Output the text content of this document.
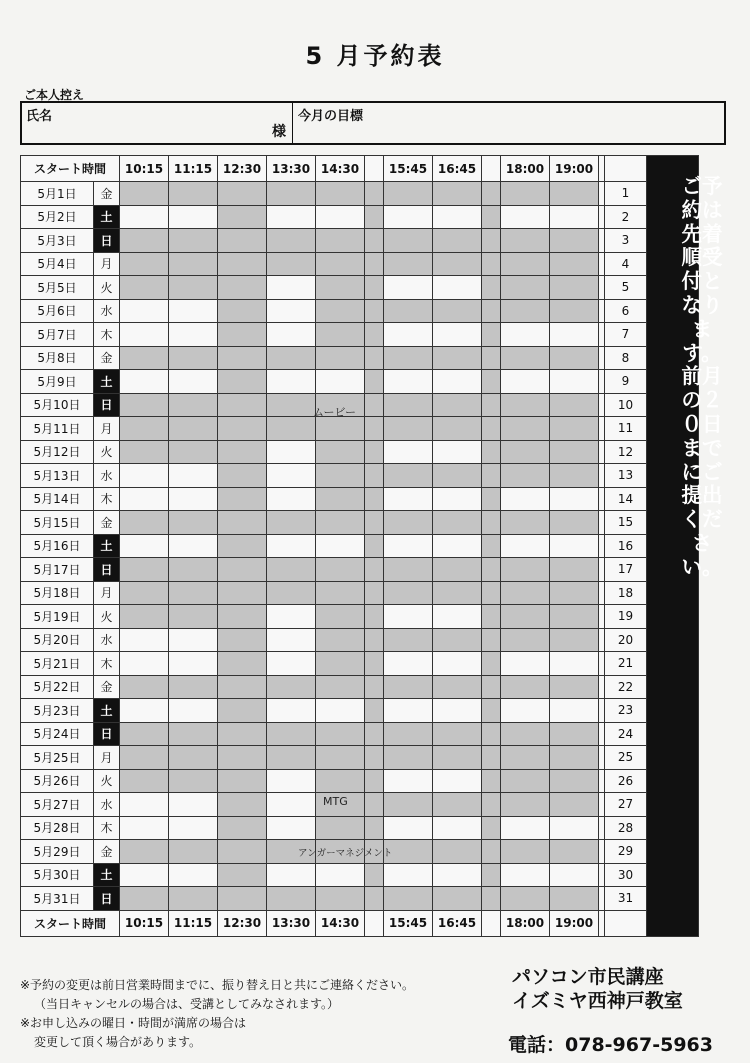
5 月予約表
ご本人控え
氏名
様
今月の目標
スタート時間		10:15	11:15	12:30	13:30	14:30		15:45	16:45		18:00	19:00			
5月1日	金													1	
5月2日	土													2	
5月3日	日													3	
5月4日	月													4	
5月5日	火													5	
5月6日	水													6	
5月7日	木													7	
5月8日	金													8	
5月9日	土													9	
5月10日	日													10	
5月11日	月													11	
5月12日	火													12	
5月13日	水													13	
5月14日	木													14	
5月15日	金													15	
5月16日	土													16	
5月17日	日													17	
5月18日	月													18	
5月19日	火													19	
5月20日	水													20	
5月21日	木													21	
5月22日	金													22	
5月23日	土													23	
5月24日	日													24	
5月25日	月													25	
5月26日	火													26	
5月27日	水													27	
5月28日	木													28	
5月29日	金													29	
5月30日	土													30	
5月31日	日													31	
スタート時間		10:15	11:15	12:30	13:30	14:30		15:45	16:45		18:00	19:00			
ご予約は先着順受付となります。前月の２０日までにご提出ください。
ムービー
MTG
アンガーマネジメント
※予約の変更は前日営業時間までに、振り替え日と共にご連絡ください。
（当日キャンセルの場合は、受講としてみなされます。）
※お申し込みの曜日・時間が満席の場合は
変更して頂く場合があります。
パソコン市民講座
イズミヤ西神戸教室
電話：078-967-5963
